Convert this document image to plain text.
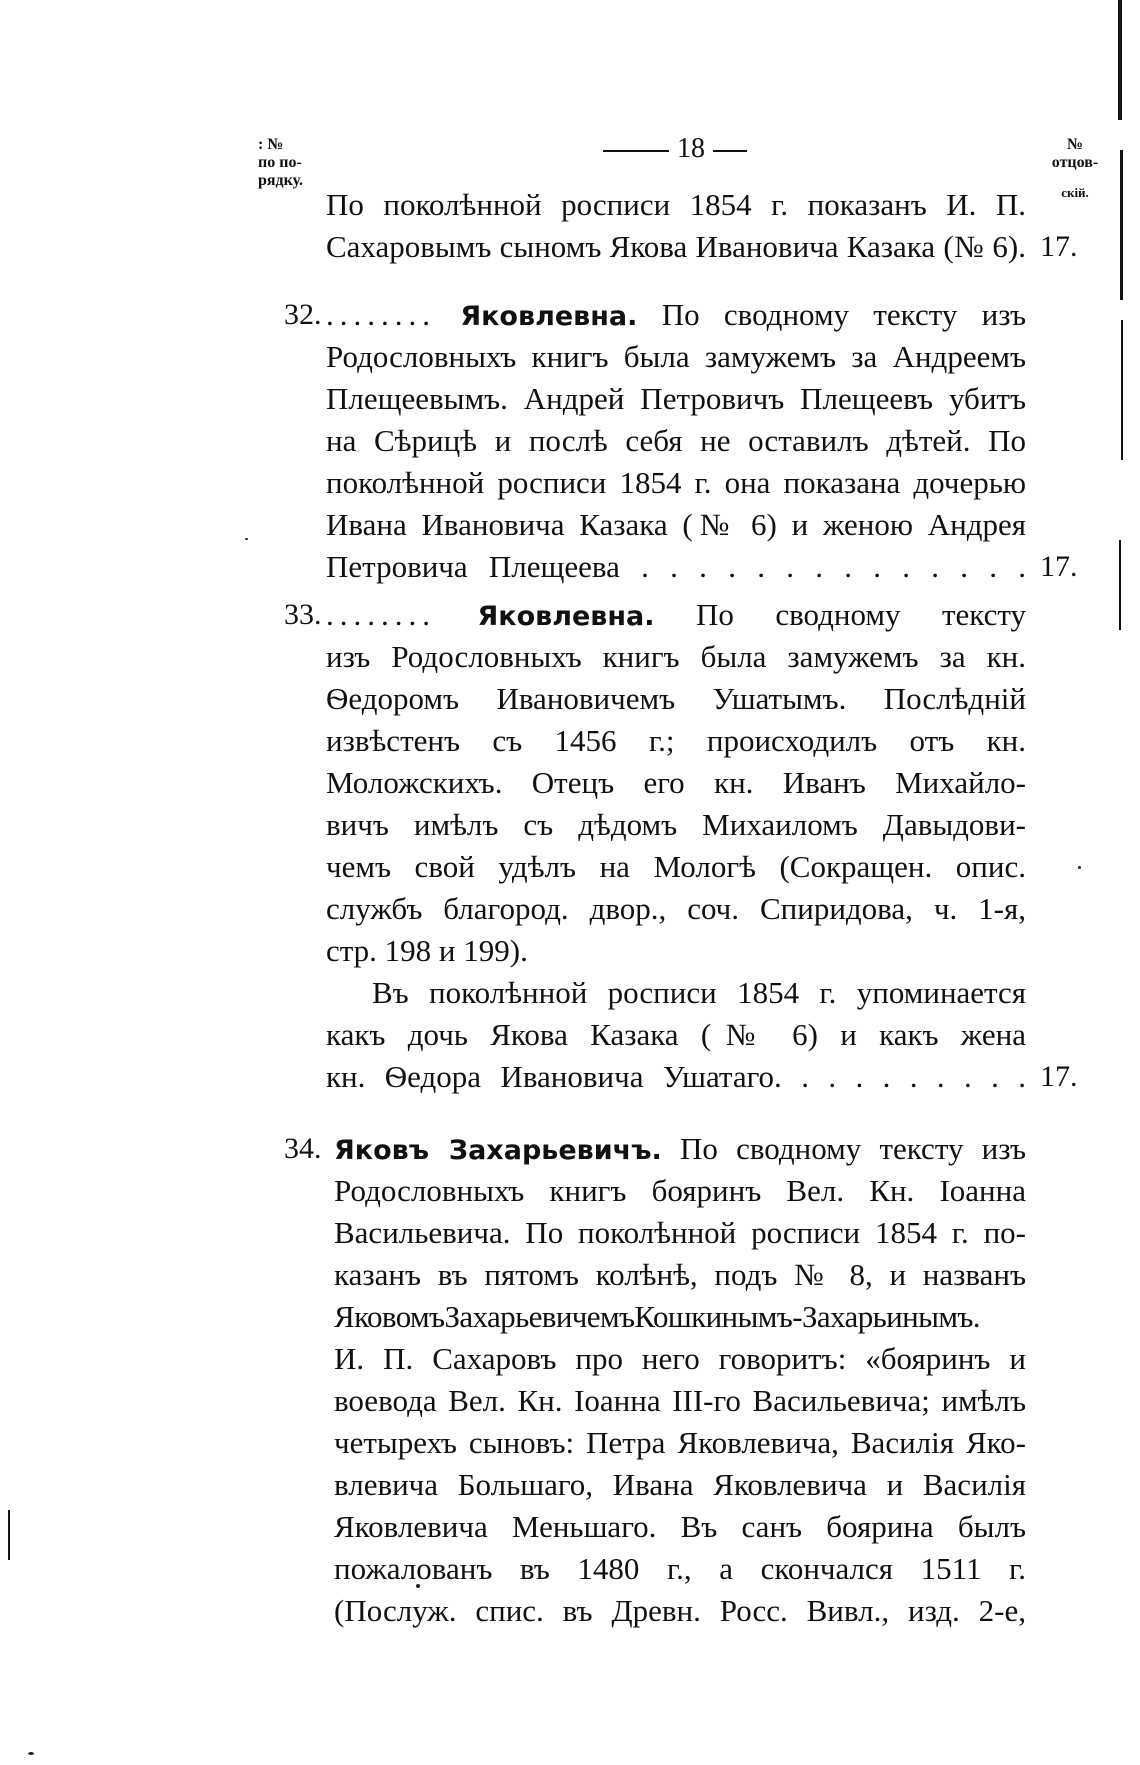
: №
по по-
рядку.
18	№
отцов-
скій.
По поколѣнной росписи 1854 г. показанъ И. П.
Сахаровымъ сыномъ Якова Ивановича Казака (№ 6). 17.
32. ........ Яковлевна. По сводному тексту изъ
Родословныхъ книгъ была замужемъ за Андреемъ
Плещеевымъ. Андрей Петровичъ Плещеевъ убитъ
на Сѣрицѣ и послѣ себя не оставилъ дѣтей. По
поколѣнной росписи 1854 г. она показана дочерью
Ивана Ивановича Казака (№ 6) и женою Андрея
Петровича Плещеева . . . . . . . . . . . . . . 17.
33. ........ Яковлевна. По сводному тексту
изъ Родословныхъ книгъ была замужемъ за кн.
Ѳедоромъ Ивановичемъ Ушатымъ. Послѣдній
извѣстенъ съ 1456 г.; происходилъ отъ кн.
Моложскихъ. Отецъ его кн. Иванъ Михайло-
вичъ имѣлъ съ дѣдомъ Михаиломъ Давыдови-
чемъ свой удѣлъ на Мологѣ (Сокращен. опис.
службъ благород. двор., соч. Спиридова, ч. 1-я,
стр. 198 и 199).
Въ поколѣнной росписи 1854 г. упоминается
какъ дочь Якова Казака (№ 6) и какъ жена
кн. Ѳедора Ивановича Ушатаго. . . . . . . . . . 17.
34. Яковъ Захарьевичъ. По сводному тексту изъ
Родословныхъ книгъ бояринъ Вел. Кн. Іоанна
Васильевича. По поколѣнной росписи 1854 г. по-
казанъ въ пятомъ колѣнѣ, подъ № 8, и названъ
ЯковомъЗахарьевичемъКошкинымъ-Захарьинымъ.
И. П. Сахаровъ про него говоритъ: «бояринъ и
воевода Вел. Кн. Іоанна III-го Васильевича; имѣлъ
четырехъ сыновъ: Петра Яковлевича, Василія Яко-
влевича Большаго, Ивана Яковлевича и Василія
Яковлевича Меньшаго. Въ санъ боярина былъ
пожалованъ въ 1480 г., а скончался 1511 г.
(Послуж. спис. въ Древн. Росс. Вивл., изд. 2-е,
